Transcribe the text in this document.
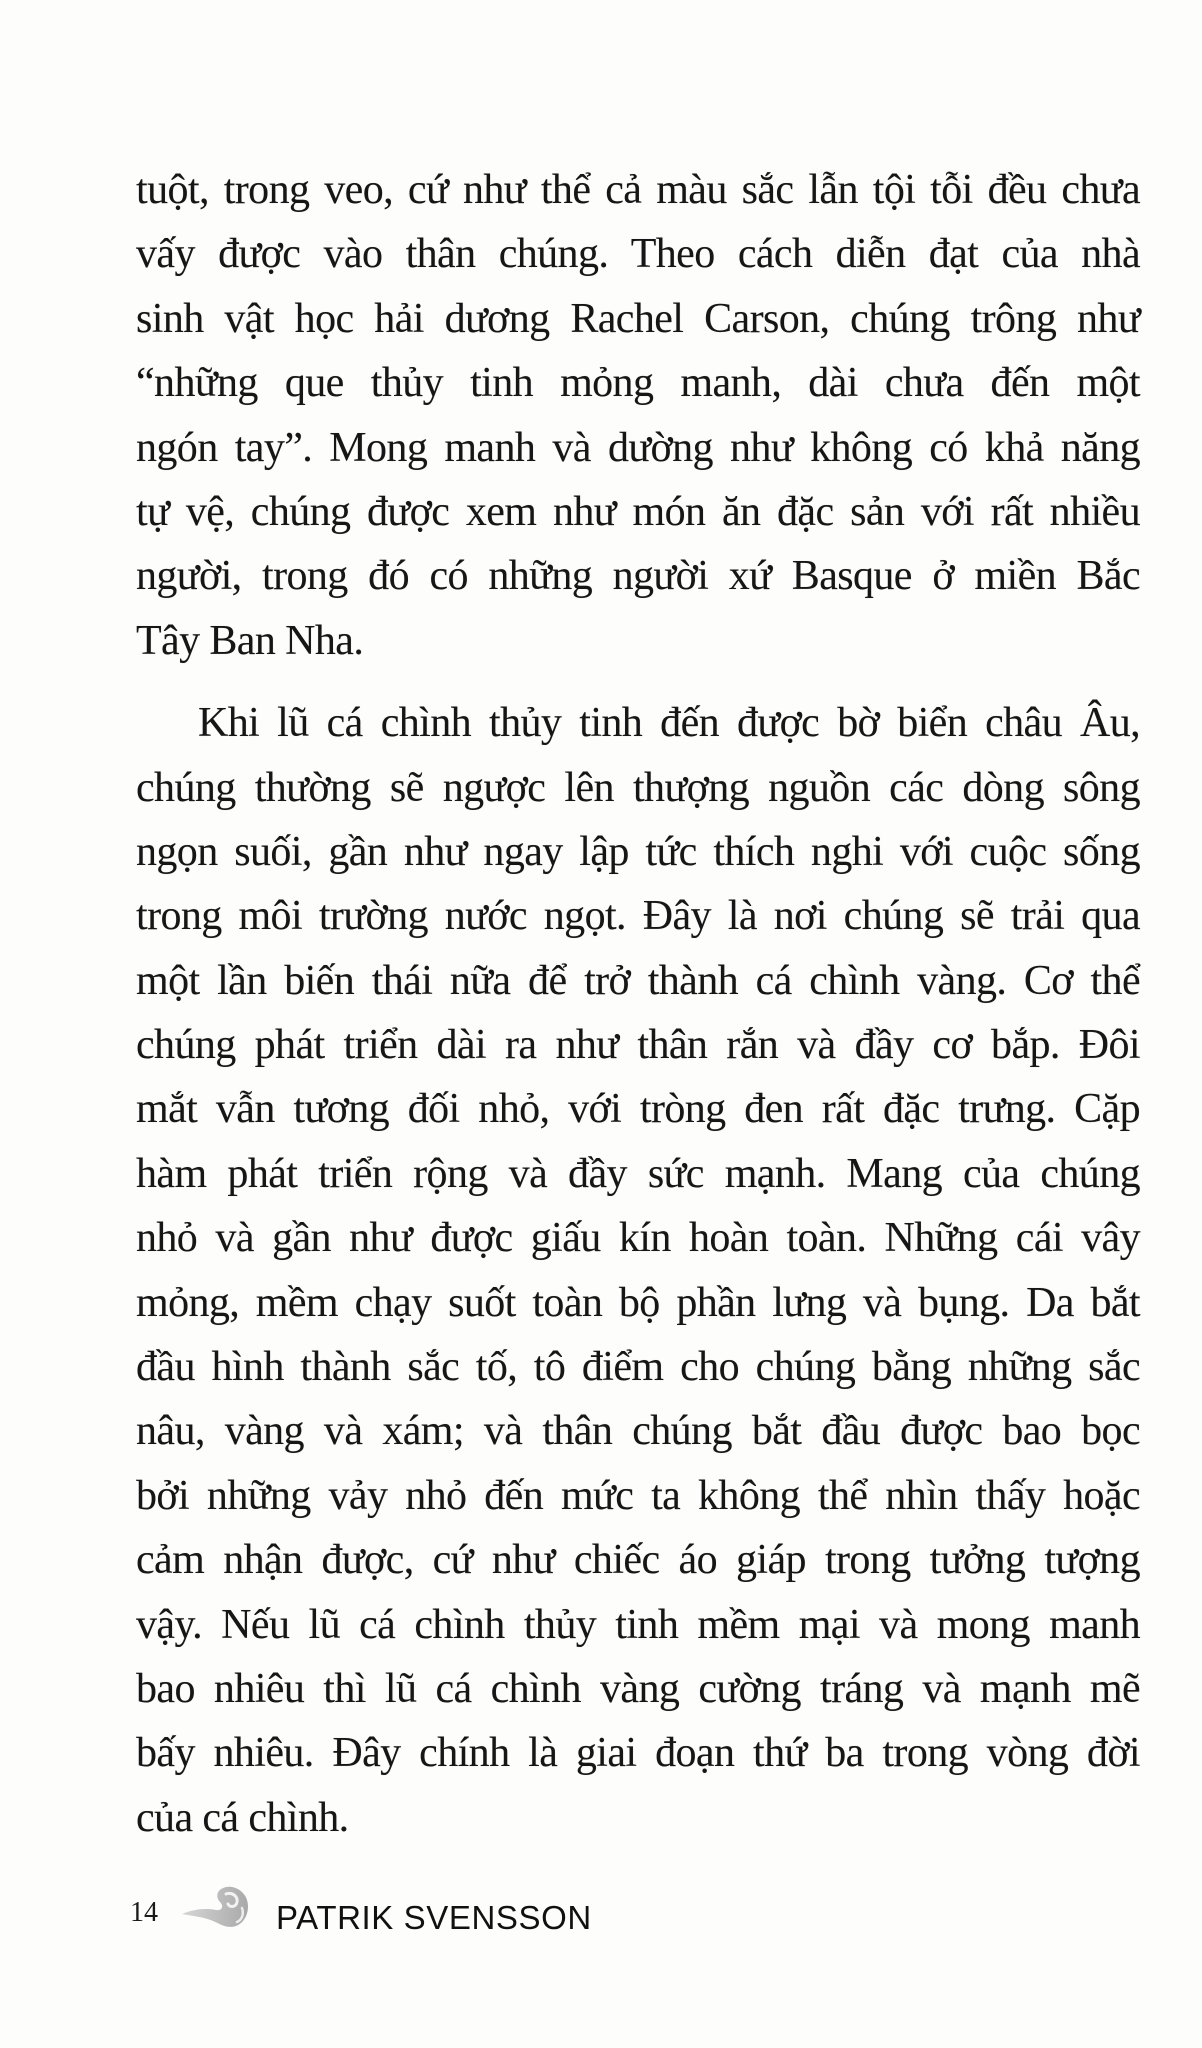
tuột, trong veo, cứ như thể cả màu sắc lẫn tội tỗi đều chưa
vấy được vào thân chúng. Theo cách diễn đạt của nhà
sinh vật học hải dương Rachel Carson, chúng trông như
“những que thủy tinh mỏng manh, dài chưa đến một
ngón tay”. Mong manh và dường như không có khả năng
tự vệ, chúng được xem như món ăn đặc sản với rất nhiều
người, trong đó có những người xứ Basque ở miền Bắc
Tây Ban Nha.

Khi lũ cá chình thủy tinh đến được bờ biển châu Âu,
chúng thường sẽ ngược lên thượng nguồn các dòng sông
ngọn suối, gần như ngay lập tức thích nghi với cuộc sống
trong môi trường nước ngọt. Đây là nơi chúng sẽ trải qua
một lần biến thái nữa để trở thành cá chình vàng. Cơ thể
chúng phát triển dài ra như thân rắn và đầy cơ bắp. Đôi
mắt vẫn tương đối nhỏ, với tròng đen rất đặc trưng. Cặp
hàm phát triển rộng và đầy sức mạnh. Mang của chúng
nhỏ và gần như được giấu kín hoàn toàn. Những cái vây
mỏng, mềm chạy suốt toàn bộ phần lưng và bụng. Da bắt
đầu hình thành sắc tố, tô điểm cho chúng bằng những sắc
nâu, vàng và xám; và thân chúng bắt đầu được bao bọc
bởi những vảy nhỏ đến mức ta không thể nhìn thấy hoặc
cảm nhận được, cứ như chiếc áo giáp trong tưởng tượng
vậy. Nếu lũ cá chình thủy tinh mềm mại và mong manh
bao nhiêu thì lũ cá chình vàng cường tráng và mạnh mẽ
bấy nhiêu. Đây chính là giai đoạn thứ ba trong vòng đời
của cá chình.

14	PATRIK SVENSSON
